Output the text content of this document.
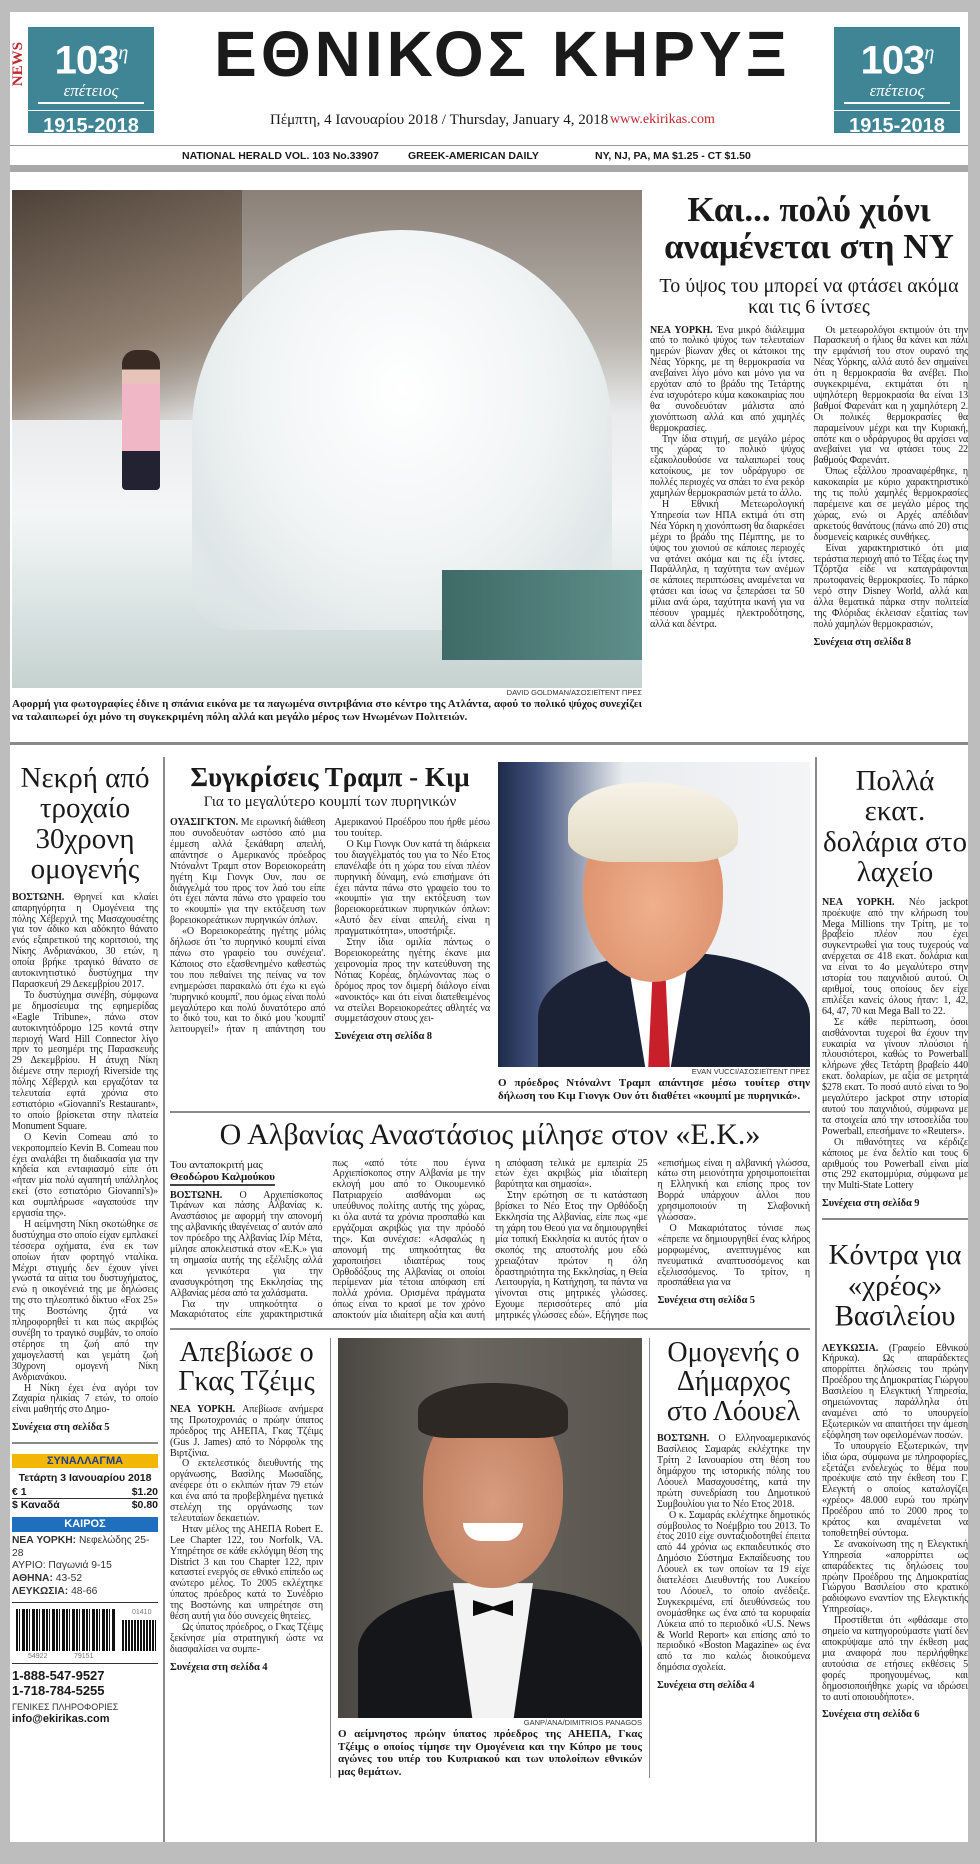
NEWS $103^\eta$
επέτειος
1915-2018
$103^\eta$
επέτειος
1915-2018
ΕΘΝΙΚΟΣ ΚΗΡΥΞ
Πέμπτη, 4 Ιανουαρίου 2018 / Thursday, January 4, 2018 www.ekirikas.com
NATIONAL HERALD VOL. 103 No.33907	GREEK-AMERICAN DAILY	NY, NJ, PA, MA $1.25 - CT $1.50
DAVID GOLDMAN/ΑΣΟΣΙΕΪΤΕΝΤ ΠΡΕΣ
Αφορμή για φωτογραφίες έδινε η σπάνια εικόνα με τα παγωμένα σιντριβάνια στο κέντρο της Ατλάντα, αφού το πολικό ψύχος συνεχίζει να ταλαιπωρεί όχι μόνο τη συγκεκριμένη πόλη αλλά και μεγάλο μέρος των Ηνωμένων Πολιτειών.
Και... πολύ χιόνι αναμένεται στη NY
Το ύψος του μπορεί να φτάσει ακόμα και τις 6 ίντσες

ΝΕΑ ΥΟΡΚΗ. Ένα μικρό διάλειμμα από το πολικό ψύχος των τελευταίων ημερών βίωναν χθες οι κάτοικοι της Νέας Υόρκης, με τη θερμοκρασία να ανεβαίνει λίγο μόνο και μόνο για να ερχόταν από το βράδυ της Τετάρτης ένα ισχυρότερο κύμα κακοκαιρίας που θα συνοδευόταν μάλιστα από χιονόπτωση αλλά και από χαμηλές θερμοκρασίες.

Την ίδια στιγμή, σε μεγάλο μέρος της χώρας το πολικό ψύχος εξακολουθούσε να ταλαιπωρεί τους κατοίκους, με τον υδράργυρο σε πολλές περιοχές να σπάει το ένα ρεκόρ χαμηλών θερμοκρασιών μετά το άλλο.

Η Εθνική Μετεωρολογική Υπηρεσία των ΗΠΑ εκτιμά ότι στη Νέα Υόρκη η χιονόπτωση θα διαρκέσει μέχρι το βράδυ της Πέμπτης, με το ύψος του χιονιού σε κάποιες περιοχές να φτάνει ακόμα και τις έξι ίντσες. Παράλληλα, η ταχύτητα των ανέμων σε κάποιες περιπτώσεις αναμένεται να φτάσει και ίσως να ξεπεράσει τα 50 μίλια ανά ώρα, ταχύτητα ικανή για να πέσουν γραμμές ηλεκτροδότησης, αλλά και δέντρα.

Οι μετεωρολόγοι εκτιμούν ότι την Παρασκευή ο ήλιος θα κάνει και πάλι την εμφάνισή του στον ουρανό της Νέας Υόρκης, αλλά αυτό δεν σημαίνει ότι η θερμοκρασία θα ανέβει. Πιο συγκεκριμένα, εκτιμάται ότι η υψηλότερη θερμοκρασία θα είναι 13 βαθμοί Φαρενάιτ και η χαμηλότερη 2. Οι πολικές θερμοκρασίες θα παραμείνουν μέχρι και την Κυριακή, οπότε και ο υδράργυρος θα αρχίσει να ανεβαίνει για να φτάσει τους 22 βαθμούς Φαρενάιτ.

Όπως εξάλλου προαναφέρθηκε, η κακοκαιρία με κύριο χαρακτηριστικό της τις πολύ χαμηλές θερμοκρασίες παρέμεινε και σε μεγάλο μέρος της χώρας, ενώ οι Αρχές απέδιδαν αρκετούς θανάτους (πάνω από 20) στις δυσμενείς καιρικές συνθήκες.

Είναι χαρακτηριστικό ότι μια τεράστια περιοχή από το Τέξας έως την Τζόρτζια είδε να καταγράφονται πρωτοφανείς θερμοκρασίες. Το πάρκο νερό στην Disney World, αλλά και άλλα θεματικά πάρκα στην πολιτεία της Φλόριδας έκλεισαν εξαιτίας των πολύ χαμηλών θερμοκρασιών,

Συνέχεια στη σελίδα 8
Νεκρή από τροχαίο 30χρονη ομογενής

ΒΟΣΤΩΝΗ. Θρηνεί και κλαίει απαρηγόρητα η Ομογένεια της πόλης Χέβερχιλ της Μασαχουσέτης για τον άδικο και αδόκητο θάνατο ενός εξαιρετικού της κοριτσιού, της Νίκης Ανδριανάκου, 30 ετών, η οποία βρήκε τραγικό θάνατο σε αυτοκινητιστικό δυστύχημα την Παρασκευή 29 Δεκεμβρίου 2017.

Το δυστύχημα συνέβη, σύμφωνα με δημοσίευμα της εφημερίδας «Eagle Tribune», πάνω στον αυτοκινητόδρομο 125 κοντά στην περιοχή Ward Hill Connector λίγο πριν το μεσημέρι της Παρασκευής 29 Δεκεμβρίου. Η άτυχη Νίκη διέμενε στην περιοχή Riverside της πόλης Χέβερχιλ και εργαζόταν τα τελευταία εφτά χρόνια στο εστιατόριο «Giovanni's Restaurant», το οποίο βρίσκεται στην πλατεία Monument Square.

Ο Kevin Comeau από το νεκροπομπείο Kevin B. Comeau που έχει αναλάβει τη διαδικασία για την κηδεία και ενταφιασμό είπε ότι «ήταν μία πολύ αγαπητή υπάλληλος εκεί (στο εστιατόριο Giovanni's)» και συμπλήρωσε «αγαπούσε την εργασία της».

Η αείμνηστη Νίκη σκοτώθηκε σε δυστύχημα στο οποίο είχαν εμπλακεί τέσσερα οχήματα, ένα εκ των οποίων ήταν φορτηγό νταλίκα. Μέχρι στιγμής δεν έχουν γίνει γνωστά τα αίτια του δυστυχήματος, ενώ η οικογένειά της με δηλώσεις της στο τηλεοπτικό δίκτυο «Fox 25» της Βοστώνης ζητά να πληροφορηθεί τι και πώς ακριβώς συνέβη το τραγικό συμβάν, το οποίο στέρησε τη ζωή από την χαμογελαστή και γεμάτη ζωή 30χρονη ομογενή Νίκη Ανδριανάκου.

Η Νίκη έχει ένα αγόρι τον Ζαχαρία ηλικίας 7 ετών, το οποίο είναι μαθητής στο Δημο-

Συνέχεια στη σελίδα 5
ΣΥΝΑΛΛΑΓΜΑ
Τετάρτη 3 Ιανουαρίου 2018
€ 1	$1.20
$ Καναδά	$0.80
ΚΑΙΡΟΣ
ΝΕΑ ΥΟΡΚΗ: Νεφελώδης 25-28
ΑΥΡΙΟ: Παγωνιά 9-15
ΑΘΗΝΑ: 43-52
ΛΕΥΚΩΣΙΑ: 48-66
01410
54922	79151
1-888-547-9527
1-718-784-5255
ΓΕΝΙΚΕΣ ΠΛΗΡΟΦΟΡΙΕΣ
info@ekirikas.com
Συγκρίσεις Τραμπ - Κιμ
Για το μεγαλύτερο κουμπί των πυρηνικών

ΟΥΑΣΙΓΚΤΟΝ. Με ειρωνική διάθεση που συνοδευόταν ωστόσο από μια έμμεση αλλά ξεκάθαρη απειλή, απάντησε ο Αμερικανός πρόεδρος Ντόναλντ Τραμπ στον Βορειοκορεάτη ηγέτη Κιμ Γιονγκ Ουν, που σε διάγγελμά του προς τον λαό του είπε ότι έχει πάντα πάνω στο γραφείο του το «κουμπί» για την εκτόξευση των βορειοκορεάτικων πυρηνικών όπλων.

«Ο Βορειοκορεάτης ηγέτης μόλις δήλωσε ότι 'το πυρηνικό κουμπί είναι πάνω στο γραφείο του συνέχεια'. Κάποιος στο εξασθενημένο καθεστώς του που πεθαίνει της πείνας να τον ενημερώσει παρακαλώ ότι έχω κι εγώ 'πυρηνικό κουμπί', που όμως είναι πολύ μεγαλύτερο και πολύ δυνατότερο από το δικό του, και το δικό μου 'κουμπί' λειτουργεί!» ήταν η απάντηση του Αμερικανού Προέδρου που ήρθε μέσω του τουίτερ.

Ο Κιμ Γιονγκ Ουν κατά τη διάρκεια του διαγγέλματός του για το Νέο Ετος επανέλαβε ότι η χώρα του είναι πλέον πυρηνική δύναμη, ενώ επισήμανε ότι έχει πάντα πάνω στο γραφείο του το «κουμπί» για την εκτόξευση των βορειοκορεάτικων πυρηνικών όπλων: «Αυτό δεν είναι απειλή, είναι η πραγματικότητα», υποστήριξε.

Στην ίδια ομιλία πάντως ο Βορειοκορεάτης ηγέτης έκανε μια χειρονομία προς την κατεύθυνση της Νότιας Κορέας, δηλώνοντας πως ο δρόμος προς τον διμερή διάλογο είναι «ανοικτός» και ότι είναι διατεθειμένος να στείλει Βορειοκορεάτες αθλητές να συμμετάσχουν στους χει-

Συνέχεια στη σελίδα 8
EVAN VUCCI/ΑΣΟΣΙΕΪΤΕΝΤ ΠΡΕΣ
Ο πρόεδρος Ντόναλντ Τραμπ απάντησε μέσω τουίτερ στην δήλωση του Κιμ Γιονγκ Ουν ότι διαθέτει «κουμπί με πυρηνικά».
Ο Αλβανίας Αναστάσιος μίλησε στον «Ε.Κ.»
Του ανταποκριτή μας
Θεοδώρου Καλμούκου

ΒΟΣΤΩΝΗ. Ο Αρχιεπίσκοπος Τιράνων και πάσης Αλβανίας κ. Αναστάσιος με αφορμή την απονομή της αλβανικής ιθαγένειας σ' αυτόν από τον πρόεδρο της Αλβανίας Ιλίρ Μέτα, μίλησε αποκλειστικά στον «Ε.Κ.» για τη σημασία αυτής της εξέλιξης αλλά και γενικότερα για την ανασυγκρότηση της Εκκλησίας της Αλβανίας μέσα από τα χαλάσματα.

Για την υπηκοότητα ο Μακαριότατος είπε χαρακτηριστικά πως «από τότε που έγινα Αρχιεπίσκοπος στην Αλβανία με την εκλογή μου από το Οικουμενικό Πατριαρχείο αισθάνομαι ως υπεύθυνος πολίτης αυτής της χώρας, κι όλα αυτά τα χρόνια προσπαθώ και εργάζομαι ακριβώς για την πρόοδό της». Και συνέχισε: «Ασφαλώς η απονομή της υπηκοότητας θα χαροποιήσει ιδιαιτέρως τους Ορθοδόξους της Αλβανίας οι οποίοι περίμεναν μία τέτοια απόφαση επί πολλά χρόνια. Ορισμένα πράγματα όπως είναι το κρασί με τον χρόνο αποκτούν μία ιδιαίτερη αξία και αυτή η απόφαση τελικά με εμπειρία 25 ετών έχει ακριβώς μία ιδιαίτερη βαρύτητα και σημασία».

Στην ερώτηση σε τι κατάσταση βρίσκει το Νέο Ετος την Ορθόδοξη Εκκλησία της Αλβανίας, είπε πως «με τη χάρη του Θεού για να δημιουργηθεί μία τοπική Εκκλησία κι αυτός ήταν ο σκοπός της αποστολής μου εδώ χρειαζόταν πρώτον η όλη δραστηριότητα της Εκκλησίας, η Θεία Λειτουργία, η Κατήχηση, τα πάντα να γίνονται στις μητρικές γλώσσες. Εχουμε περισσότερες από μία μητρικές γλώσσες εδώ». Εξήγησε πως «επισήμως είναι η αλβανική γλώσσα, κάτω στη μειονότητα χρησιμοποιείται η Ελληνική και επίσης προς τον Βορρά υπάρχουν άλλοι που χρησιμοποιούν τη Σλαβονική γλώσσα».

Ο Μακαριότατος τόνισε πως «έπρεπε να δημιουργηθεί ένας κλήρος μορφωμένος, ανεπτυγμένος και πνευματικά αναπτυσσόμενος και εξελισσόμενος. Το τρίτον, η προσπάθεια για να

Συνέχεια στη σελίδα 5
Απεβίωσε ο Γκας Τζέιμς

ΝΕΑ ΥΟΡΚΗ. Απεβίωσε ανήμερα της Πρωτοχρονιάς ο πρώην ύπατος πρόεδρος της ΑΗΕΠΑ, Γκας Τζέιμς (Gus J. James) από το Νόρφολκ της Βιρτζίνια.

Ο εκτελεστικός διευθυντής της οργάνωσης, Βασίλης Μωσαΐδης, ανέφερε ότι ο εκλιπών ήταν 79 ετών και ένα από τα προβεβλημένα ηγετικά στελέχη της οργάνωσης των τελευταίων δεκαετιών.

Ηταν μέλος της ΑΗΕΠΑ Robert E. Lee Chapter 122, του Norfolk, VA. Υπηρέτησε σε κάθε εκλόγιμη θέση της District 3 και του Chapter 122, πριν καταστεί ενεργός σε εθνικό επίπεδο ως ανώτερο μέλος. Το 2005 εκλέχτηκε ύπατος πρόεδρος κατά το Συνέδριο της Βοστώνης και υπηρέτησε στη θέση αυτή για δύο συνεχείς θητείες.

Ως ύπατος πρόεδρος, ο Γκας Τζέιμς ξεκίνησε μία στρατηγική ώστε να διασφαλίσει να συμπε-

Συνέχεια στη σελίδα 4
GANP/ΑΝΑ/DIMITRIOS PANAGOS
Ο αείμνηστος πρώην ύπατος πρόεδρος της ΑΗΕΠΑ, Γκας Τζέιμς ο οποίος τίμησε την Ομογένεια και την Κύπρο με τους αγώνες του υπέρ του Κυπριακού και των υπολοίπων εθνικών μας θεμάτων.
Ομογενής ο Δήμαρχος στο Λόουελ

ΒΟΣΤΩΝΗ. Ο Ελληνοαμερικανός Βασίλειος Σαμαράς εκλέχτηκε την Τρίτη 2 Ιανουαρίου στη θέση του δημάρχου της ιστορικής πόλης του Λόουελ Μασαχουσέτης, κατά την πρώτη συνεδρίαση του Δημοτικού Συμβουλίου για το Νέο Ετος 2018.

Ο κ. Σαμαράς εκλέχτηκε δημοτικός σύμβουλος το Νοέμβριο του 2013. Το έτος 2010 είχε συνταξιοδοτηθεί έπειτα από 44 χρόνια ως εκπαιδευτικός στο Δημόσιο Σύστημα Εκπαίδευσης του Λόουελ εκ των οποίων τα 19 είχε διατελέσει Διευθυντής του Λυκείου του Λόουελ, το οποίο ανέδειξε. Συγκεκριμένα, επί διευθύνσεώς του ονομάσθηκε ως ένα από τα κορυφαία Λύκεια από το περιοδικό «U.S. News & World Report» και επίσης από το περιοδικό «Boston Magazine» ως ένα από τα πιο καλώς διοικούμενα δημόσια σχολεία.

Συνέχεια στη σελίδα 4
Πολλά εκατ. δολάρια στο λαχείο

ΝΕΑ ΥΟΡΚΗ. Νέο jackpot προέκυψε από την κλήρωση του Mega Millions την Τρίτη, με το βραβείο πλέον που έχει συγκεντρωθεί για τους τυχερούς να ανέρχεται σε 418 εκατ. δολάρια και να είναι το 4ο μεγαλύτερο στην ιστορία του παιχνιδιού αυτού. Οι αριθμοί, τους οποίους δεν είχε επιλέξει κανείς όλους ήταν: 1, 42, 64, 47, 70 και Mega Ball το 22.

Σε κάθε περίπτωση, όσοι αισθάνονται τυχεροί θα έχουν την ευκαιρία να γίνουν πλούσιοι ή πλουσιότεροι, καθώς το Powerball κλήρωνε χθες Τετάρτη βραβείο 440 εκατ. δολαρίων, με αξία σε μετρητά $278 εκατ. Το ποσό αυτό είναι το 9ο μεγαλύτερο jackpot στην ιστορία αυτού του παιχνιδιού, σύμφωνα με τα στοιχεία από την ιστοσελίδα του Powerball, επεσήμανε το «Reuters».

Οι πιθανότητες να κέρδιζε κάποιος με ένα δελτίο και τους 6 αριθμούς του Powerball είναι μία στις 292 εκατομμύρια, σύμφωνα με την Multi-State Lottery

Συνέχεια στη σελίδα 9
Κόντρα για «χρέος» Βασιλείου

ΛΕΥΚΩΣΙΑ. (Γραφείο Εθνικού Κήρυκα). Ως απαράδεκτες απορρίπτει δηλώσεις του πρώην Προέδρου της Δημοκρατίας Γιώργου Βασιλείου η Ελεγκτική Υπηρεσία, σημειώνοντας παράλληλα ότι αναμένει από το υπουργείο Εξωτερικών να απαιτήσει την άμεση εξόφληση των οφειλομένων ποσών.

Το υπουργείο Εξωτερικών, την ίδια ώρα, σύμφωνα με πληροφορίες, εξετάζει ενδελεχώς το θέμα που προέκυψε από την έκθεση του Γ. Ελεγκτή ο οποίος καταλογίζει «χρέος» 48.000 ευρώ του πρώην Προέδρου από το 2000 προς το κράτος και αναμένεται να τοποθετηθεί σύντομα.

Σε ανακοίνωση της η Ελεγκτική Υπηρεσία «απορρίπτει ως απαράδεκτες τις δηλώσεις του πρώην Προέδρου της Δημοκρατίας Γιώργου Βασιλείου στο κρατικό ραδιόφωνο εναντίον της Ελεγκτικής Υπηρεσίας».

Προστίθεται ότι «φθάσαμε στο σημείο να κατηγορούμαστε γιατί δεν αποκρύψαμε από την έκθεση μας μια αναφορά που περιλήφθηκε αυτούσια σε ετήσιες εκθέσεις 5 φορές προηγουμένως, και δημοσιοποιήθηκε χωρίς να ιδρώσει το αυτί οποιουδήποτε».

Συνέχεια στη σελίδα 6
